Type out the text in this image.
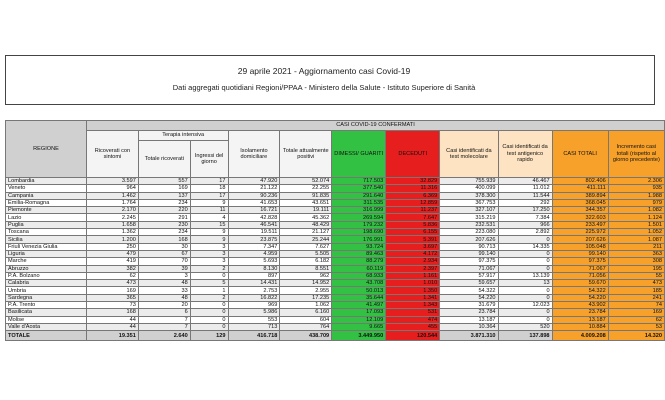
29 aprile 2021 - Aggiornamento casi Covid-19
Dati aggregati quotidiani Regioni/PPAA - Ministero della Salute - Istituto Superiore di Sanità
REGIONE	CASI COVID-19 CONFERMATI										
	Ricoverati con sintomi	Terapia intensiva		Isolamento domiciliare	Totale attualmente positivi	DIMESSI/ GUARITI	DECEDUTI	Casi identificati da test molecolare	Casi identificati da test antigenico rapido	CASI TOTALI	Incremento casi totali (rispetto al giorno precedente)
		Totale ricoverati	Ingressi del giorno								
Lombardia	3.597	557	17	47.920	52.074	717.503	32.829	755.939	46.467	802.406	2.306
Veneto	964	169	18	21.122	22.255	377.540	11.316	400.099	11.012	411.111	935
Campania	1.462	137	17	90.236	91.835	291.640	6.369	378.300	11.544	389.894	1.988
Emilia-Romagna	1.764	234	9	41.653	43.651	311.535	12.859	367.753	292	368.045	979
Piemonte	2.170	220	11	16.721	19.111	316.999	11.237	327.107	17.250	344.357	1.082
Lazio	2.245	291	4	42.828	45.362	269.594	7.647	315.219	7.384	322.603	1.124
Puglia	1.658	230	15	46.541	48.429	179.232	5.836	232.531	966	233.497	1.501
Toscana	1.362	234	9	19.511	21.127	198.690	6.155	223.080	2.892	225.972	1.052
Sicilia	1.200	168	9	23.875	25.244	176.991	5.391	207.626	0	207.626	1.087
Friuli Venezia Giulia	250	30	3	7.347	7.627	93.724	3.697	90.713	14.335	105.048	211
Liguria	479	67	3	4.959	5.505	89.463	4.172	99.140	0	99.140	363
Marche	419	70	3	5.693	6.182	88.279	2.934	97.375	0	97.375	308
Abruzzo	382	39	2	8.130	8.551	60.119	2.397	71.067	0	71.067	195
P.A. Bolzano	62	3	0	897	962	68.933	1.161	57.917	13.139	71.056	55
Calabria	473	48	5	14.431	14.952	43.708	1.010	59.657	13	59.670	473
Umbria	169	33	1	2.753	2.955	50.013	1.350	54.322	0	54.322	185
Sardegna	365	48	2	16.822	17.235	35.644	1.341	54.220	0	54.220	241
P.A. Trento	73	20	0	969	1.062	41.497	1.343	31.679	12.023	43.902	74
Basilicata	168	6	0	5.986	6.160	17.093	531	23.784	0	23.784	169
Molise	44	7	0	553	604	12.109	474	13.187	0	13.187	62
Valle d'Aosta	44	7	0	713	764	9.665	455	10.364	520	10.884	53
TOTALE	19.351	2.640	129	416.718	438.709	3.449.950	120.544	3.871.310	137.898	4.009.208	14.320
